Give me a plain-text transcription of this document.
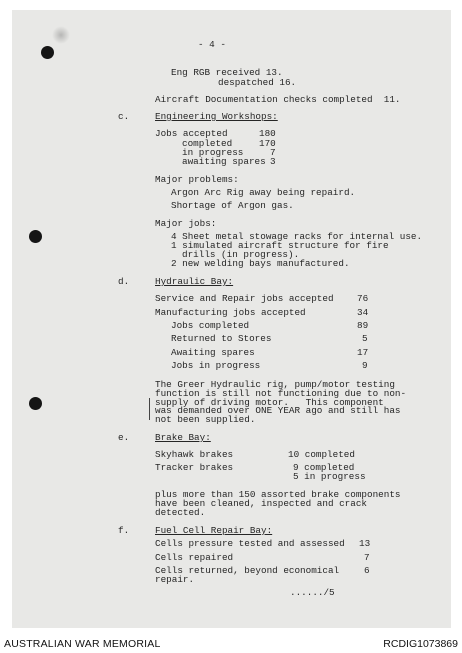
- 4 -
Eng RGB received 13.
despatched 16.
Aircraft Documentation checks completed  11.
c.	Engineering Workshops:
Jobs accepted	180
completed	170
in progress	7
awaiting spares 3
Major problems:
Argon Arc Rig away being repaird.
Shortage of Argon gas.
Major jobs:
4 Sheet metal stowage racks for internal use.
1 simulated aircraft structure for fire
drills (in progress).
2 new welding bays manufactured.
d.	Hydraulic Bay:
Service and Repair jobs accepted	76
Manufacturing jobs accepted	34
Jobs completed	89
Returned to Stores	5
Awaiting spares	17
Jobs in progress	9
The Greer Hydraulic rig, pump/motor testing
function is still not functioning due to non-
supply of driving motor.   This component
was demanded over ONE YEAR ago and still has
not been supplied.
e.	Brake Bay:
Skyhawk brakes	10 completed
Tracker brakes	9 completed
5 in progress
plus more than 150 assorted brake components
have been cleaned, inspected and crack
detected.
f.	Fuel Cell Repair Bay:
Cells pressure tested and assessed 13
Cells repaired	7
Cells returned, beyond economical	6
repair.
....../5
AUSTRALIAN WAR MEMORIAL	RCDIG1073869
